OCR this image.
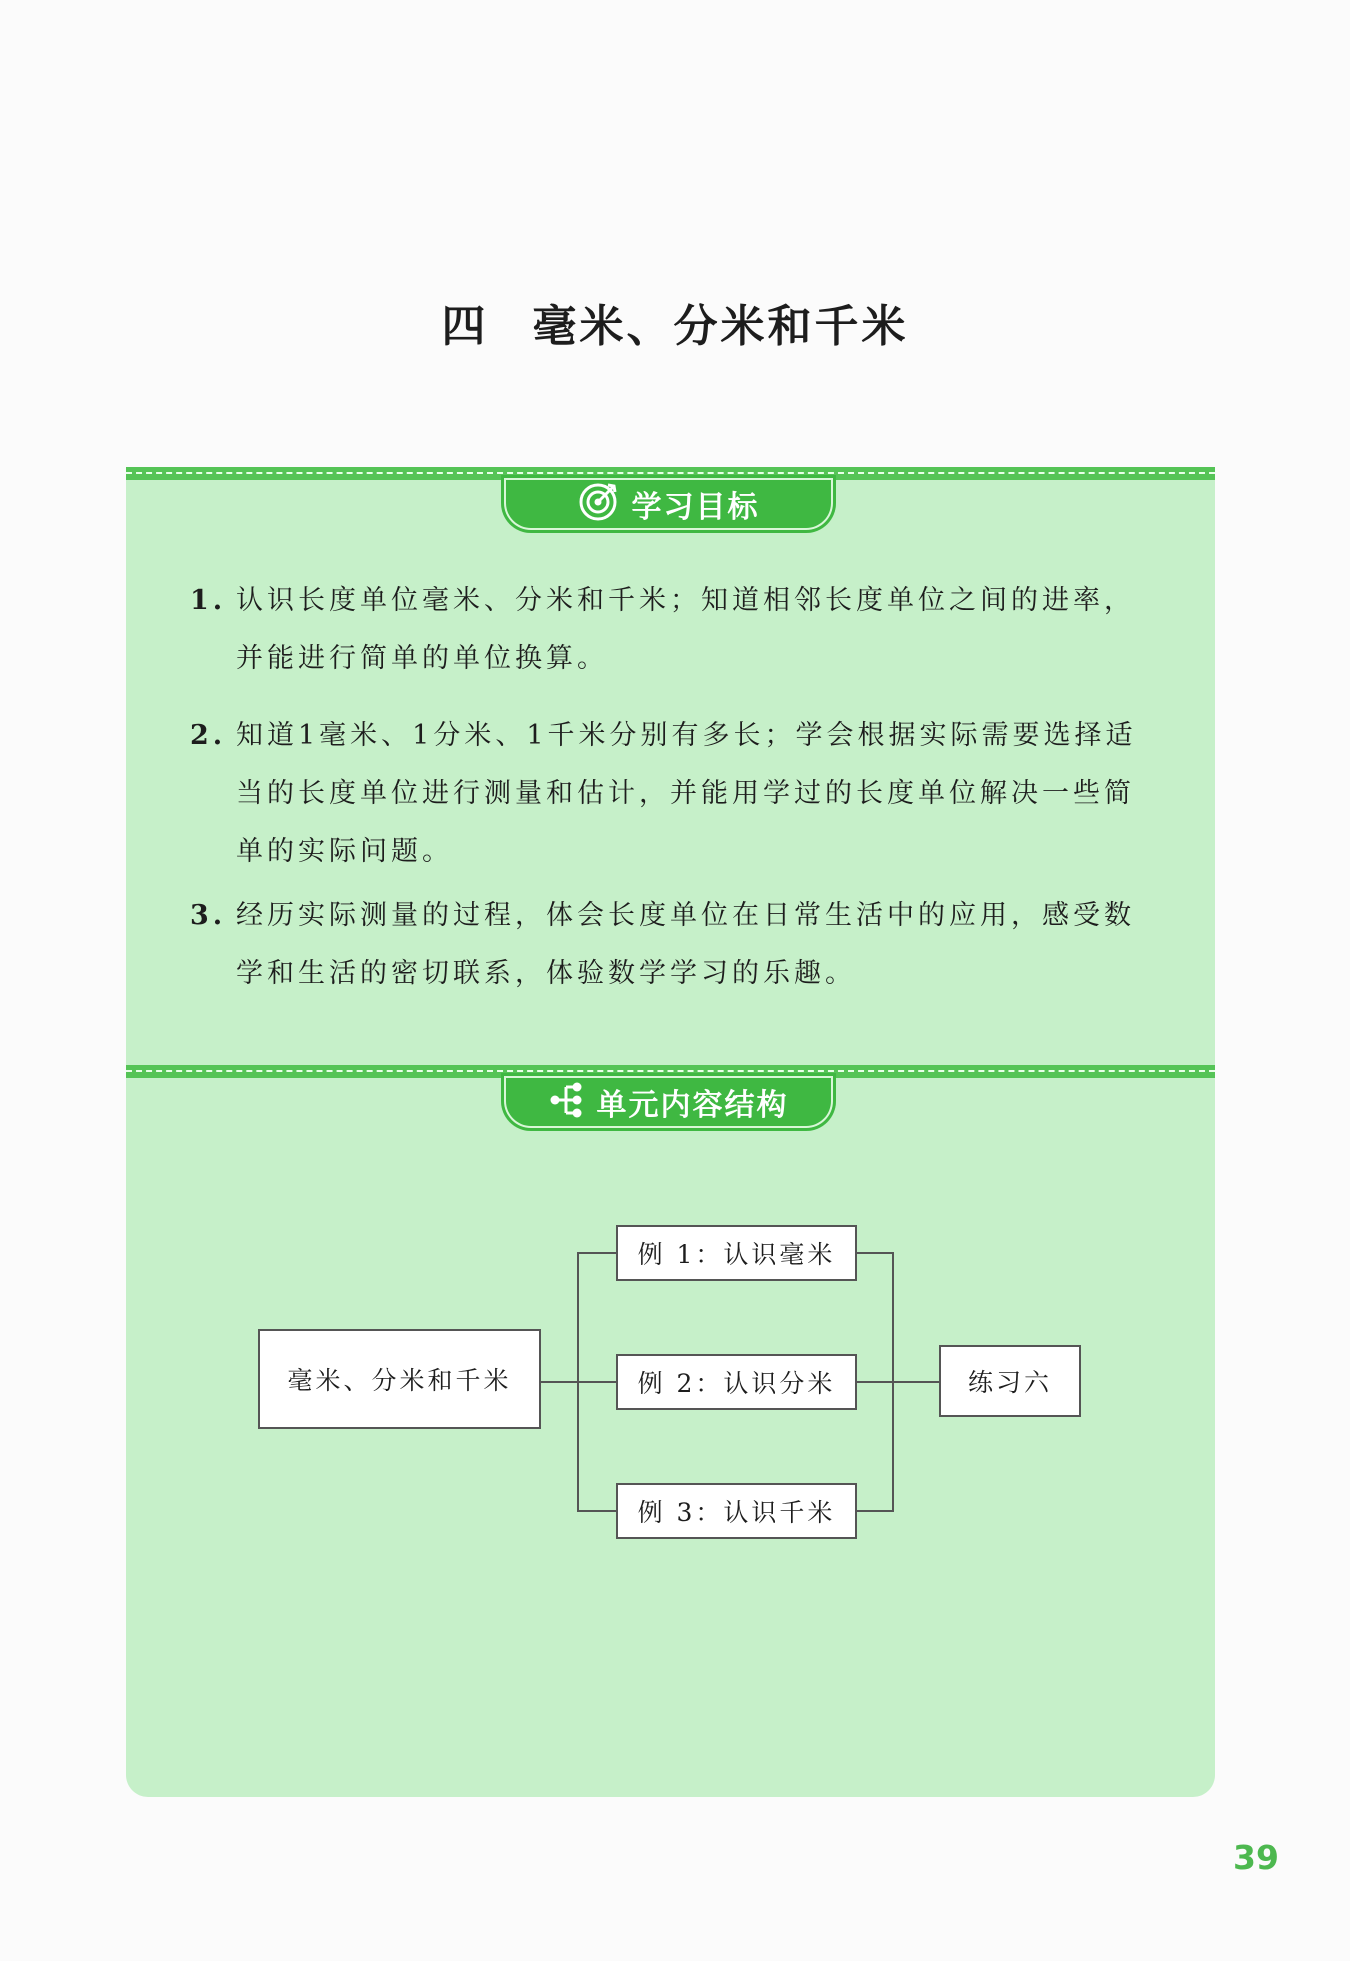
四 毫米、分米和千米
学习目标
1. 认识长度单位毫米、分米和千米；知道相邻长度单位之间的进率，并能进行简单的单位换算。
2. 知道1毫米、1分米、1千米分别有多长；学会根据实际需要选择适当的长度单位进行测量和估计，并能用学过的长度单位解决一些简单的实际问题。
3. 经历实际测量的过程，体会长度单位在日常生活中的应用，感受数学和生活的密切联系，体验数学学习的乐趣。
单元内容结构
毫米、分米和千米
例 1：认识毫米
例 2：认识分米
例 3：认识千米
练习六
39
